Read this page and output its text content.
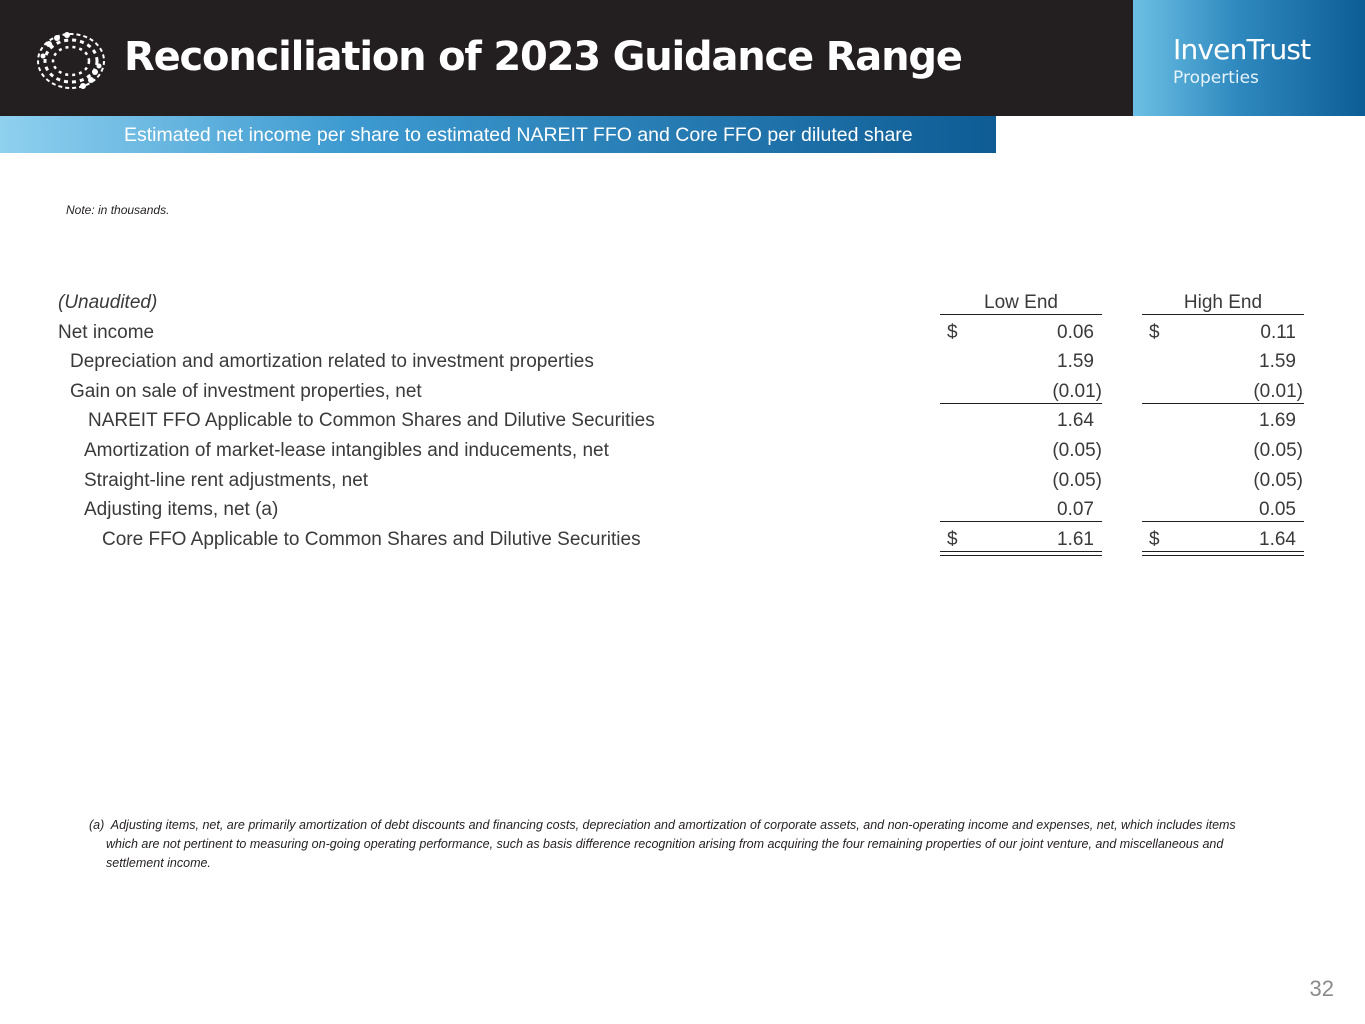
Reconciliation of 2023 Guidance Range	InvenTrust
Properties
Estimated net income per share to estimated NAREIT FFO and Core FFO per diluted share
Note: in thousands.
(Unaudited)	Low End	High End
Net income	$	0.06	$	0.11
Depreciation and amortization related to investment properties	1.59	1.59
Gain on sale of investment properties, net	(0.01)	(0.01)
NAREIT FFO Applicable to Common Shares and Dilutive Securities	1.64	1.69
Amortization of market-lease intangibles and inducements, net	(0.05)	(0.05)
Straight-line rent adjustments, net	(0.05)	(0.05)
Adjusting items, net (a)	0.07	0.05
Core FFO Applicable to Common Shares and Dilutive Securities	$	1.61	$	1.64
(a) Adjusting items, net, are primarily amortization of debt discounts and financing costs, depreciation and amortization of corporate assets, and non-operating income and expenses, net, which includes items which are not pertinent to measuring on-going operating performance, such as basis difference recognition arising from acquiring the four remaining properties of our joint venture, and miscellaneous and settlement income.
32
